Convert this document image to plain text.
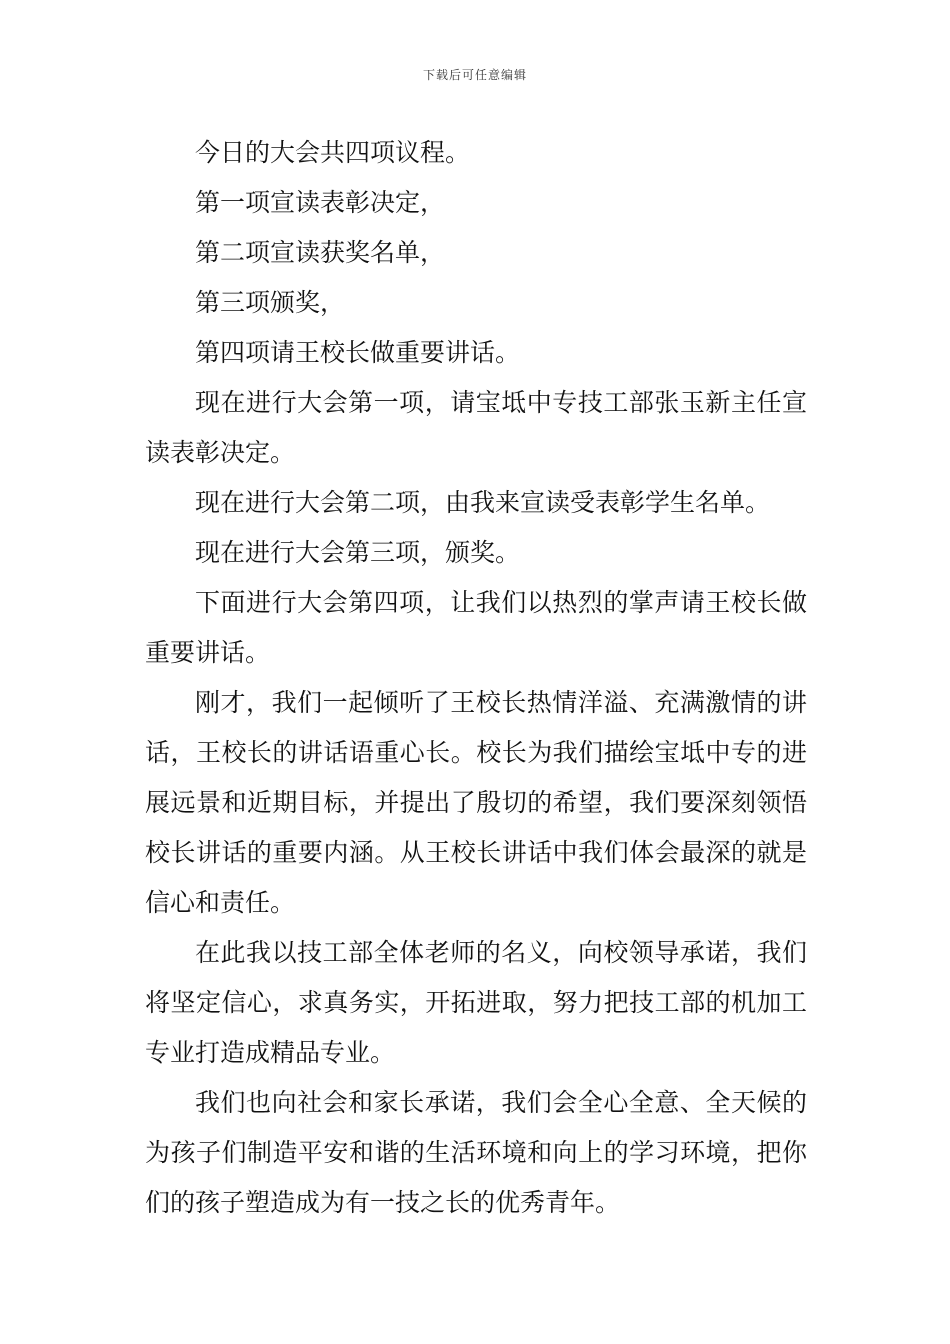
下载后可任意编辑

今日的大会共四项议程。

第一项宣读表彰决定，

第二项宣读获奖名单，

第三项颁奖，

第四项请王校长做重要讲话。

现在进行大会第一项，请宝坻中专技工部张玉新主任宣读表彰决定。

现在进行大会第二项，由我来宣读受表彰学生名单。

现在进行大会第三项，颁奖。

下面进行大会第四项，让我们以热烈的掌声请王校长做重要讲话。

刚才，我们一起倾听了王校长热情洋溢、充满激情的讲话，王校长的讲话语重心长。校长为我们描绘宝坻中专的进展远景和近期目标，并提出了殷切的希望，我们要深刻领悟校长讲话的重要内涵。从王校长讲话中我们体会最深的就是信心和责任。

在此我以技工部全体老师的名义，向校领导承诺，我们将坚定信心，求真务实，开拓进取，努力把技工部的机加工专业打造成精品专业。

我们也向社会和家长承诺，我们会全心全意、全天候的为孩子们制造平安和谐的生活环境和向上的学习环境，把你们的孩子塑造成为有一技之长的优秀青年。
